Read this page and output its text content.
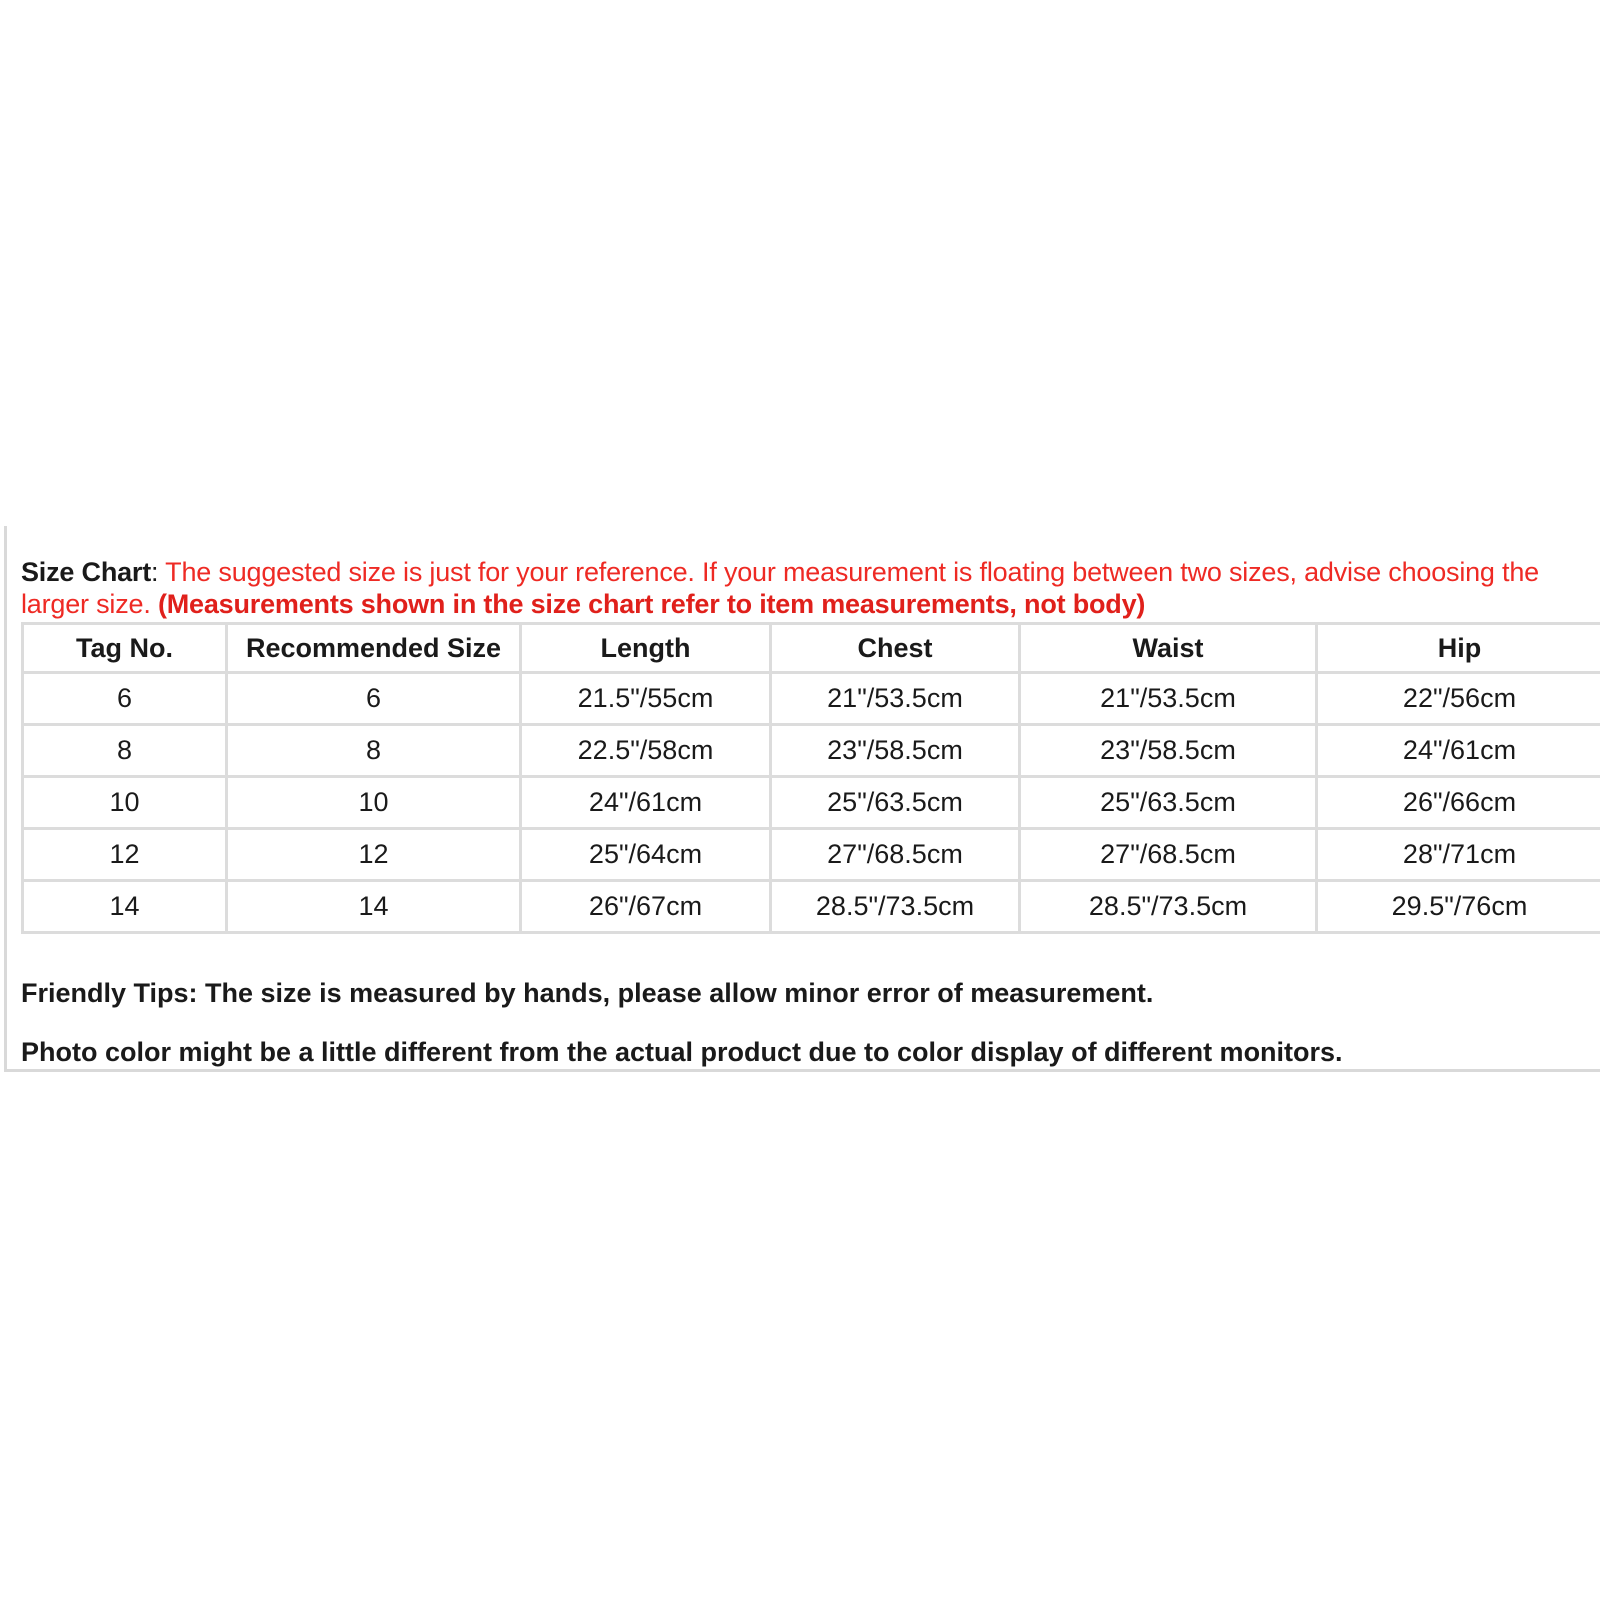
Size Chart: The suggested size is just for your reference. If your measurement is floating between two sizes, advise choosing the larger size. (Measurements shown in the size chart refer to item measurements, not body)
Tag No.	Recommended Size	Length	Chest	Waist	Hip
6	6	21.5"/55cm	21"/53.5cm	21"/53.5cm	22"/56cm
8	8	22.5"/58cm	23"/58.5cm	23"/58.5cm	24"/61cm
10	10	24"/61cm	25"/63.5cm	25"/63.5cm	26"/66cm
12	12	25"/64cm	27"/68.5cm	27"/68.5cm	28"/71cm
14	14	26"/67cm	28.5"/73.5cm	28.5"/73.5cm	29.5"/76cm
Friendly Tips: The size is measured by hands, please allow minor error of measurement.
Photo color might be a little different from the actual product due to color display of different monitors.
